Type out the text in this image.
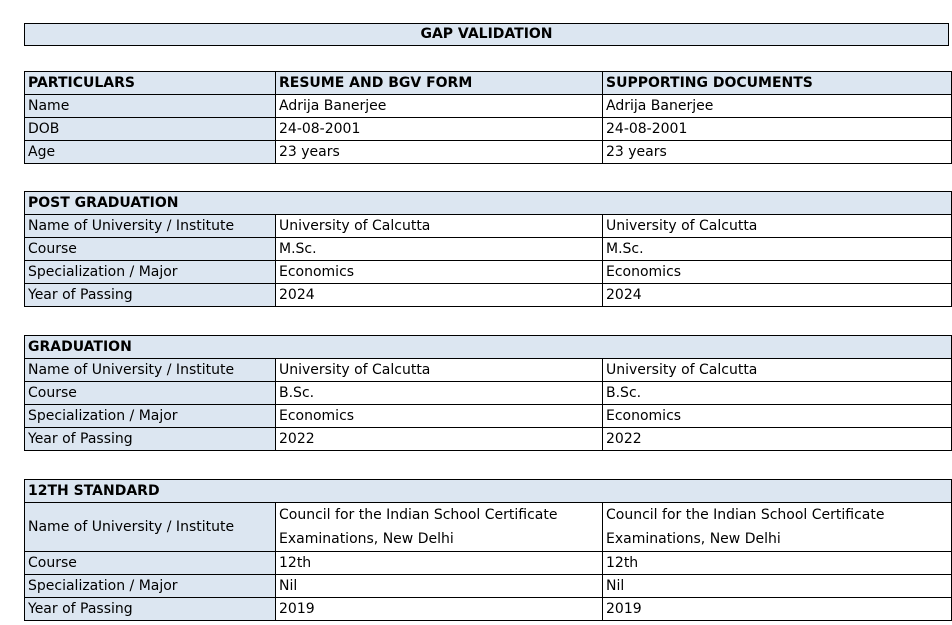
GAP VALIDATION
PARTICULARS	RESUME AND BGV FORM	SUPPORTING DOCUMENTS
Name	Adrija Banerjee	Adrija Banerjee
DOB	24-08-2001	24-08-2001
Age	23 years	23 years
POST GRADUATION		
Name of University / Institute	University of Calcutta	University of Calcutta
Course	M.Sc.	M.Sc.
Specialization / Major	Economics	Economics
Year of Passing	2024	2024
GRADUATION		
Name of University / Institute	University of Calcutta	University of Calcutta
Course	B.Sc.	B.Sc.
Specialization / Major	Economics	Economics
Year of Passing	2022	2022
12TH STANDARD		
Name of University / Institute	Council for the Indian School Certificate Examinations, New Delhi	Council for the Indian School Certificate Examinations, New Delhi
Course	12th	12th
Specialization / Major	Nil	Nil
Year of Passing	2019	2019
